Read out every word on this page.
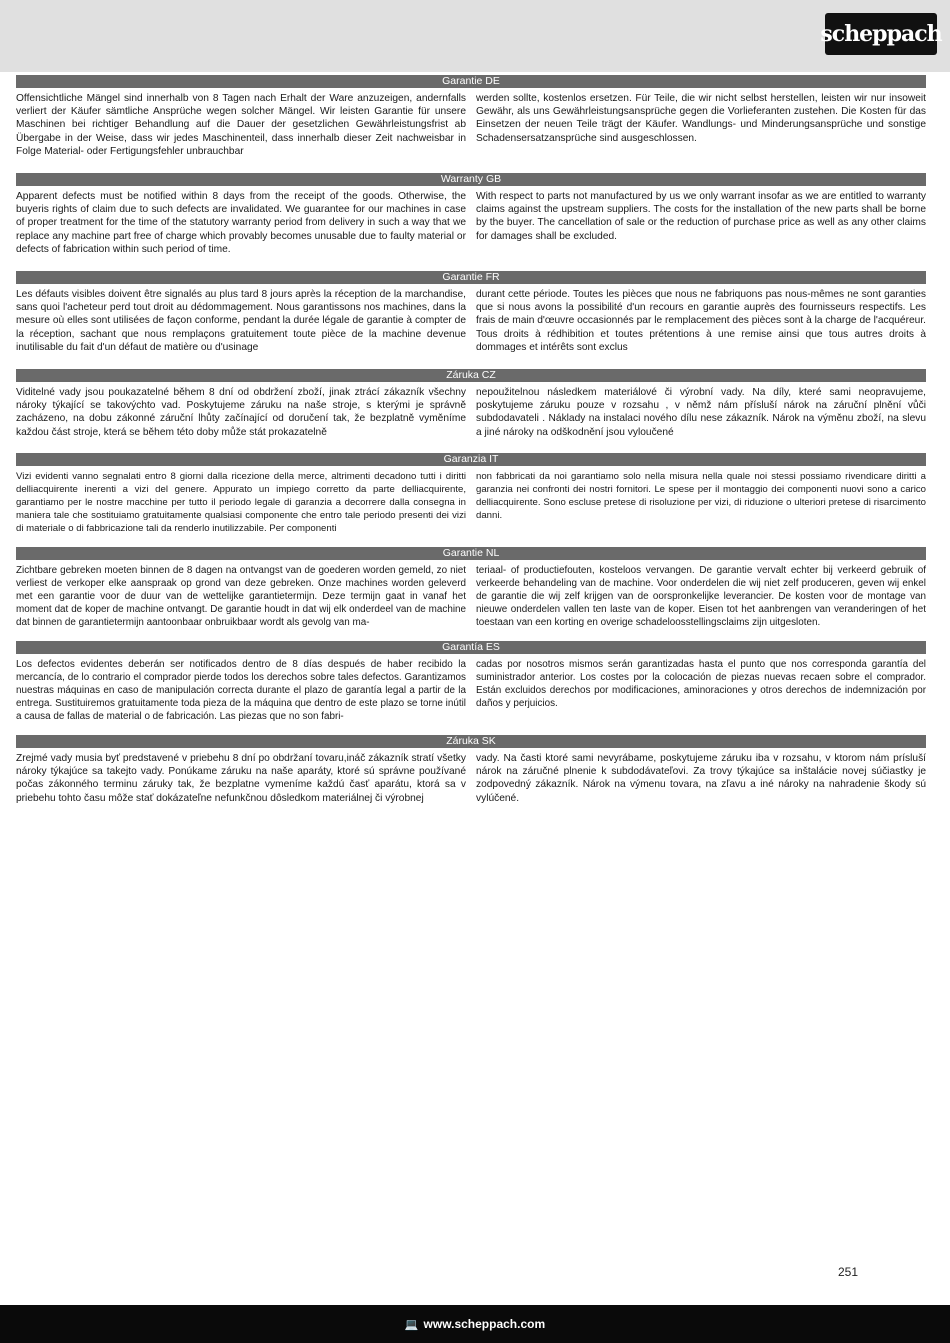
scheppach
Garantie DE
Offensichtliche Mängel sind innerhalb von 8 Tagen nach Erhalt der Ware anzuzeigen, andernfalls verliert der Käufer sämtliche Ansprüche wegen solcher Mängel. Wir leisten Garantie für unsere Maschinen bei richtiger Behandlung auf die Dauer der gesetzlichen Gewährleistungsfrist ab Übergabe in der Weise, dass wir jedes Maschinenteil, dass innerhalb dieser Zeit nachweisbar in Folge Material- oder Fertigungsfehler unbrauchbar
werden sollte, kostenlos ersetzen. Für Teile, die wir nicht selbst herstellen, leisten wir nur insoweit Gewähr, als uns Gewährleistungsansprüche gegen die Vorlieferanten zustehen. Die Kosten für das Einsetzen der neuen Teile trägt der Käufer. Wandlungs- und Minderungsansprüche und sonstige Schadensersatzansprüche sind ausgeschlossen.
Warranty GB
Apparent defects must be notified within 8 days from the receipt of the goods. Otherwise, the buyeris rights of claim due to such defects are invalidated. We guarantee for our machines in case of proper treatment for the time of the statutory warranty period from delivery in such a way that we replace any machine part free of charge which provably becomes unusable due to faulty material or defects of fabrication within such period of time.
With respect to parts not manufactured by us we only warrant insofar as we are entitled to warranty claims against the upstream suppliers. The costs for the installation of the new parts shall be borne by the buyer. The cancellation of sale or the reduction of purchase price as well as any other claims for damages shall be excluded.
Garantie FR
Les défauts visibles doivent être signalés au plus tard 8 jours après la réception de la marchandise, sans quoi l'acheteur perd tout droit au dédommagement. Nous garantissons nos machines, dans la mesure où elles sont utilisées de façon conforme, pendant la durée légale de garantie à compter de la réception, sachant que nous remplaçons gratuitement toute pièce de la machine devenue inutilisable du fait d'un défaut de matière ou d'usinage
durant cette période. Toutes les pièces que nous ne fabriquons pas nous-mêmes ne sont garanties que si nous avons la possibilité d'un recours en garantie auprès des fournisseurs respectifs. Les frais de main d'œuvre occasionnés par le remplacement des pièces sont à la charge de l'acquéreur. Tous droits à rédhibition et toutes prétentions à une remise ainsi que tous autres droits à dommages et intérêts sont exclus
Záruka CZ
Viditelné vady jsou poukazatelné během 8 dní od obdržení zboží, jinak ztrácí zákazník všechny nároky týkající se takovýchto vad. Poskytujeme záruku na naše stroje, s kterými je správně zacházeno, na dobu zákonné záruční lhůty začínající od doručení tak, že bezplatně vyměníme každou část stroje, která se během této doby může stát prokazatelně
nepoužitelnou následkem materiálové či výrobní vady. Na díly, které sami neopravujeme, poskytujeme záruku pouze v rozsahu , v němž nám přísluší nárok na záruční plnění vůči subdodavateli . Náklady na instalaci nového dílu nese zákazník. Nárok na výměnu zboží, na slevu a jiné nároky na odškodnění jsou vyloučené
Garanzia IT
Vizi evidenti vanno segnalati entro 8 giorni dalla ricezione della merce, altrimenti decadono tutti i diritti delliacquirente inerenti a vizi del genere. Appurato un impiego corretto da parte delliacquirente, garantiamo per le nostre macchine per tutto il periodo legale di garanzia a decorrere dalla consegna in maniera tale che sostituiamo gratuitamente qualsiasi componente che entro tale periodo presenti dei vizi di materiale o di fabbricazione tali da renderlo inutilizzabile. Per componenti
non fabbricati da noi garantiamo solo nella misura nella quale noi stessi possiamo rivendicare diritti a garanzia nei confronti dei nostri fornitori. Le spese per il montaggio dei componenti nuovi sono a carico delliacquirente. Sono escluse pretese di risoluzione per vizi, di riduzione o ulteriori pretese di risarcimento danni.
Garantie NL
Zichtbare gebreken moeten binnen de 8 dagen na ontvangst van de goederen worden gemeld, zo niet verliest de verkoper elke aanspraak op grond van deze gebreken. Onze machines worden geleverd met een garantie voor de duur van de wettelijke garantietermijn. Deze termijn gaat in vanaf het moment dat de koper de machine ontvangt. De garantie houdt in dat wij elk onderdeel van de machine dat binnen de garantietermijn aantoonbaar onbruikbaar wordt als gevolg van ma-
teriaal- of productiefouten, kosteloos vervangen. De garantie vervalt echter bij verkeerd gebruik of verkeerde behandeling van de machine. Voor onderdelen die wij niet zelf produceren, geven wij enkel de garantie die wij zelf krijgen van de oorspronkelijke leverancier. De kosten voor de montage van nieuwe onderdelen vallen ten laste van de koper. Eisen tot het aanbrengen van veranderingen of het toestaan van een korting en overige schadeloosstellingsclaims zijn uitgesloten.
Garantía ES
Los defectos evidentes deberán ser notificados dentro de 8 días después de haber recibido la mercancía, de lo contrario el comprador pierde todos los derechos sobre tales defectos. Garantizamos nuestras máquinas en caso de manipulación correcta durante el plazo de garantía legal a partir de la entrega. Sustituiremos gratuitamente toda pieza de la máquina que dentro de este plazo se torne inútil a causa de fallas de material o de fabricación. Las piezas que no son fabri-
cadas por nosotros mismos serán garantizadas hasta el punto que nos corresponda garantía del suministrador anterior. Los costes por la colocación de piezas nuevas recaen sobre el comprador. Están excluidos derechos por modificaciones, aminoraciones y otros derechos de indemnización por daños y perjuicios.
Záruka SK
Zrejmé vady musia byť predstavené v priebehu 8 dní po obdržaní tovaru,ináč zákazník stratí všetky nároky týkajúce sa takejto vady. Ponúkame záruku na naše aparáty, ktoré sú správne používané počas zákonného terminu záruky tak, že bezplatne vymeníme každú časť aparátu, ktorá sa v priebehu tohto času môže stať dokázateľne nefunkčnou dôsledkom materiálnej či výrobnej
vady. Na časti ktoré sami nevyrábame, poskytujeme záruku iba v rozsahu, v ktorom nám prísluší nárok na záručné plnenie k subdodávateľovi. Za trovy týkajúce sa inštalácie novej súčiastky je zodpovedný zákazník. Nárok na výmenu tovara, na zľavu a iné nároky na nahradenie škody sú vylúčené.
251
💻 www.scheppach.com
